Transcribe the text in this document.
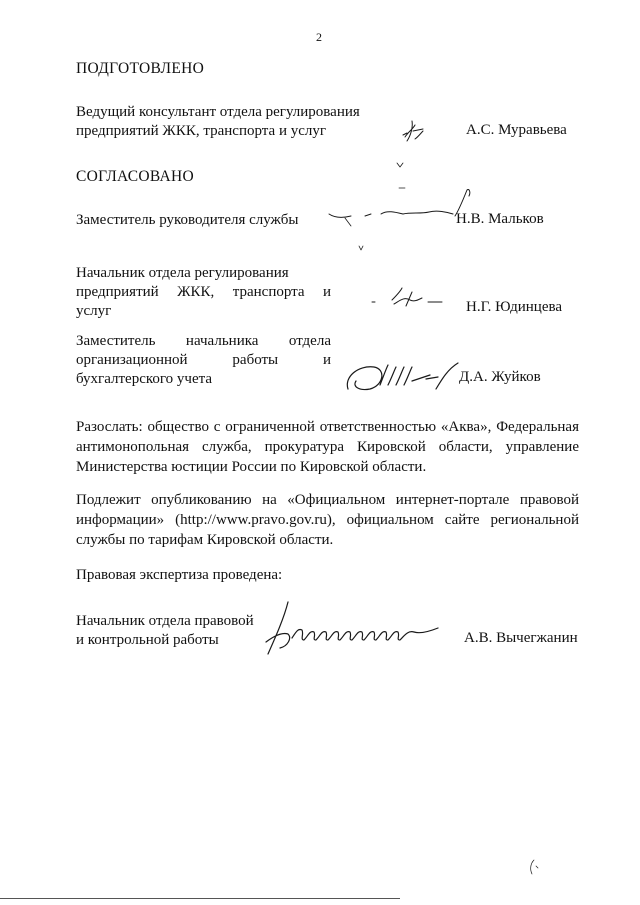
2
ПОДГОТОВЛЕНО
Ведущий консультант отдела регулирования
предприятий ЖКК, транспорта и услуг	А.С. Муравьева
СОГЛАСОВАНО
Заместитель руководителя службы	Н.В. Мальков
Начальник отдела регулирования
предприятий ЖКК, транспорта и
услуг	Н.Г. Юдинцева
Заместитель начальника отдела
организационной	работы	и
бухгалтерского учета	Д.А. Жуйков
Разослать: общество с ограниченной ответственностью «Аква», Федеральная
антимонопольная служба, прокуратура Кировской области, управление
Министерства юстиции России по Кировской области.
Подлежит опубликованию на «Официальном интернет-портале правовой
информации» (http://www.pravo.gov.ru), официальном сайте региональной
службы по тарифам Кировской области.
Правовая экспертиза проведена:
Начальник отдела правовой
и контрольной работы	А.В. Вычегжанин
